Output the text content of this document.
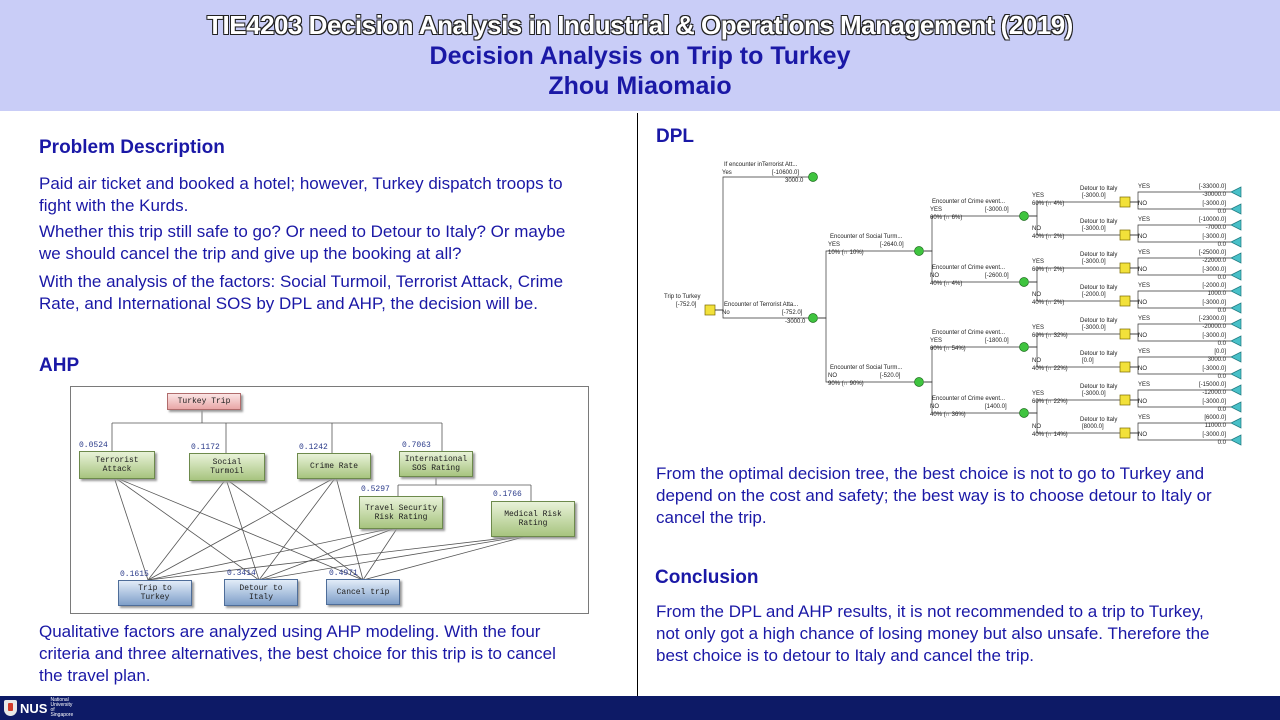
TIE4203 Decision Analysis in Industrial & Operations Management (2019)
Decision Analysis on Trip to Turkey
Zhou Miaomaio
Problem Description
Paid air ticket and booked a hotel; however, Turkey dispatch troops to
fight with the Kurds.
Whether this trip still safe to go? Or need to Detour to Italy? Or maybe
we should cancel the trip and give up the booking at all?
With the analysis of the factors: Social Turmoil, Terrorist Attack, Crime
Rate, and International SOS by DPL and AHP, the decision will be.
AHP
Turkey Trip
0.0524
Terrorist
Attack
0.1172
Social
Turmoil
0.1242
Crime Rate
0.7063
International
SOS Rating
0.5297
Travel Security
Risk Rating
0.1766
Medical Risk
Rating
0.1615
Trip to
Turkey
0.3414
Detour to
Italy
0.4971
Cancel trip
Qualitative factors are analyzed using AHP modeling. With the four
criteria and three alternatives, the best choice for this trip is to cancel
the travel plan.
DPL
Trip to Turkey
[-752.0]
If encounter inTerrorist Att...
Yes	[-10600.0]
3000.0
Encounter of Terrorist Atta...
No	[-752.0]
-3000.0
Encounter of Social Turm...
YES	[-2640.0]
10% (∩ 10%)
Encounter of Social Turm...
NO	[-520.0]
90% (∩ 90%)
Encounter of Crime event...
YES	[-3000.0]
60% (∩ 6%)
Encounter of Crime event...
NO	[-2600.0]
40% (∩ 4%)
Encounter of Crime event...
YES	[-1800.0]
60% (∩ 54%)
Encounter of Crime event...
NO	[1400.0]
40% (∩ 36%)
Detour to Italy
YES	[-3000.0]
60% (∩ 4%)
YES	[-33000.0]
-30000.0
NO	[-3000.0]
0.0
Detour to Italy
NO	[-3000.0]
40% (∩ 2%)
YES	[-10000.0]
-7000.0
NO	[-3000.0]
0.0
Detour to Italy
YES	[-3000.0]
60% (∩ 2%)
YES	[-25000.0]
-22000.0
NO	[-3000.0]
0.0
Detour to Italy
NO	[-2000.0]
40% (∩ 2%)
YES	[-2000.0]
1000.0
NO	[-3000.0]
0.0
Detour to Italy
YES	[-3000.0]
60% (∩ 32%)
YES	[-23000.0]
-20000.0
NO	[-3000.0]
0.0
Detour to Italy
NO	[0.0]
40% (∩ 22%)
YES	[0.0]
3000.0
NO	[-3000.0]
0.0
Detour to Italy
YES	[-3000.0]
60% (∩ 22%)
YES	[-15000.0]
-12000.0
NO	[-3000.0]
0.0
Detour to Italy
NO	[8000.0]
40% (∩ 14%)
YES	[6000.0]
11000.0
NO	[-3000.0]
0.0
From the optimal decision tree, the best choice is not to go to Turkey and
depend on the cost and safety; the best way is to choose detour to Italy or
cancel the trip.
Conclusion
From the DPL and AHP results, it is not recommended to a trip to Turkey,
not only got a high chance of losing money but also unsafe. Therefore the
best choice is to detour to Italy and cancel the trip.
NUS
National University of Singapore
